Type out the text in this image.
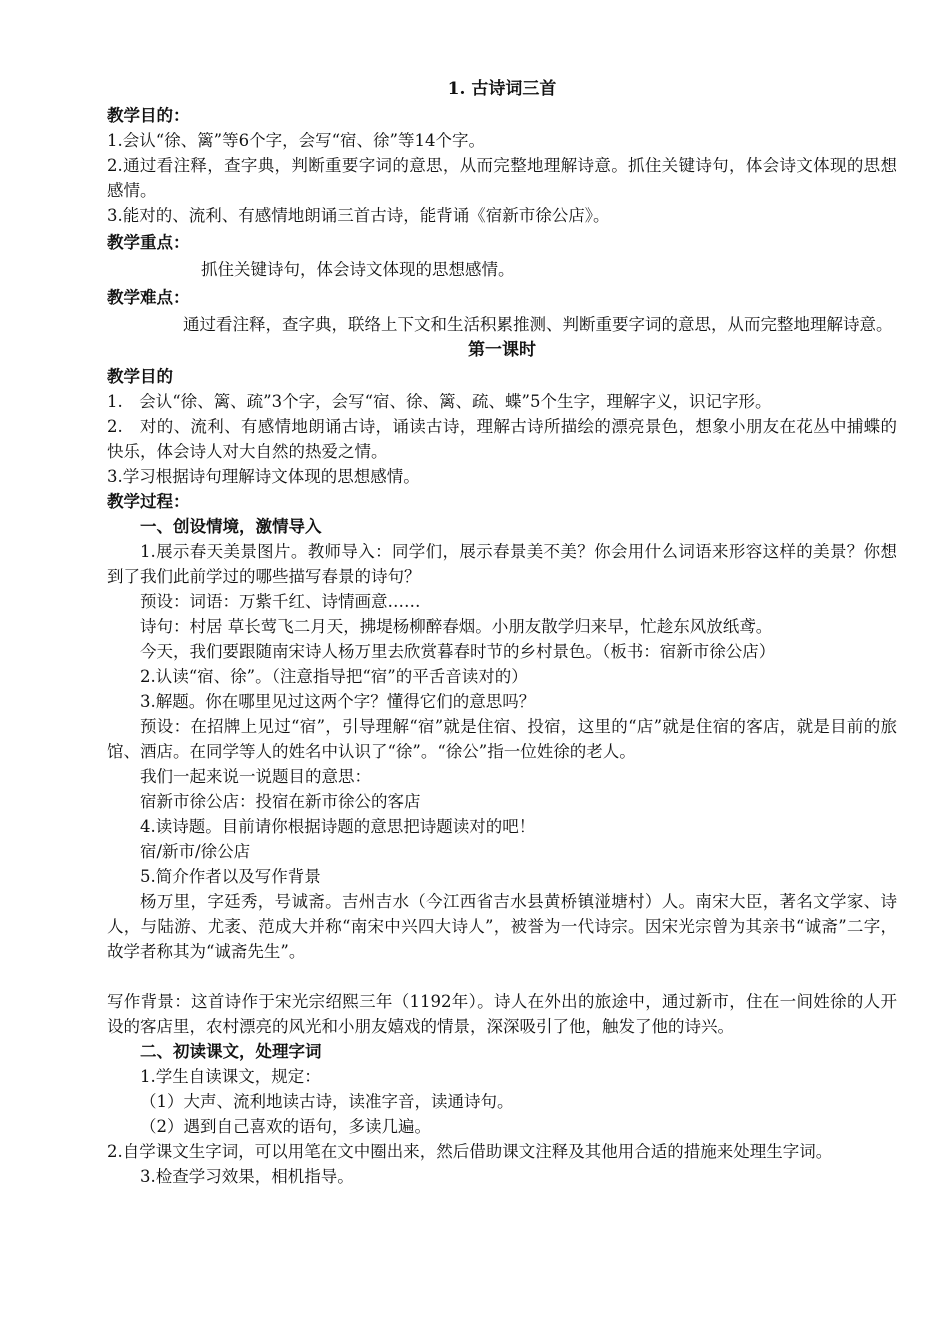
1. 古诗词三首

教学目的：

1.会认“徐、篱”等6个字，会写“宿、徐”等14个字。

2.通过看注释，查字典，判断重要字词的意思，从而完整地理解诗意。抓住关键诗句，体会诗文体现的思想感情。

3.能对的、流利、有感情地朗诵三首古诗，能背诵《宿新市徐公店》。

教学重点：

抓住关键诗句，体会诗文体现的思想感情。

教学难点：

通过看注释，查字典，联络上下文和生活积累推测、判断重要字词的意思，从而完整地理解诗意。

第一课时

教学目的

1.　会认“徐、篱、疏”3个字，会写“宿、徐、篱、疏、蝶”5个生字，理解字义，识记字形。

2.　对的、流利、有感情地朗诵古诗，诵读古诗，理解古诗所描绘的漂亮景色，想象小朋友在花丛中捕蝶的快乐，体会诗人对大自然的热爱之情。

3.学习根据诗句理解诗文体现的思想感情。

教学过程：

一、创设情境，激情导入

1.展示春天美景图片。教师导入：同学们，展示春景美不美？你会用什么词语来形容这样的美景？你想到了我们此前学过的哪些描写春景的诗句？

预设：词语：万紫千红、诗情画意……

诗句：村居 草长莺飞二月天，拂堤杨柳醉春烟。小朋友散学归来早，忙趁东风放纸鸢。

今天，我们要跟随南宋诗人杨万里去欣赏暮春时节的乡村景色。（板书：宿新市徐公店）

2.认读“宿、徐”。（注意指导把“宿”的平舌音读对的）

3.解题。你在哪里见过这两个字？懂得它们的意思吗？

预设：在招牌上见过“宿”，引导理解“宿”就是住宿、投宿，这里的“店”就是住宿的客店，就是目前的旅馆、酒店。在同学等人的姓名中认识了“徐”。“徐公”指一位姓徐的老人。

我们一起来说一说题目的意思：

宿新市徐公店：投宿在新市徐公的客店

4.读诗题。目前请你根据诗题的意思把诗题读对的吧！

宿/新市/徐公店

5.简介作者以及写作背景

杨万里，字廷秀，号诚斋。吉州吉水（今江西省吉水县黄桥镇湴塘村）人。南宋大臣，著名文学家、诗人，与陆游、尤袤、范成大并称“南宋中兴四大诗人”，被誉为一代诗宗。因宋光宗曾为其亲书“诚斋”二字，故学者称其为“诚斋先生”。

写作背景：这首诗作于宋光宗绍熙三年（1192年）。诗人在外出的旅途中，通过新市，住在一间姓徐的人开设的客店里，农村漂亮的风光和小朋友嬉戏的情景，深深吸引了他，触发了他的诗兴。

二、初读课文，处理字词

1.学生自读课文，规定：

（1）大声、流利地读古诗，读准字音，读通诗句。

（2）遇到自己喜欢的语句，多读几遍。

2.自学课文生字词，可以用笔在文中圈出来，然后借助课文注释及其他用合适的措施来处理生字词。

3.检查学习效果，相机指导。
